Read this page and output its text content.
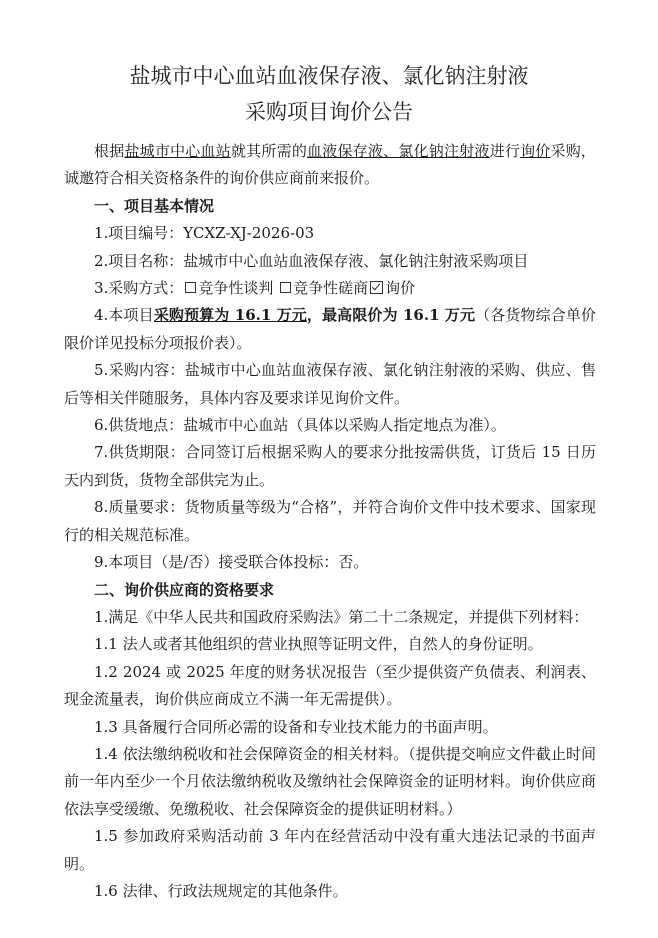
盐城市中心血站血液保存液、氯化钠注射液
采购项目询价公告

根据盐城市中心血站就其所需的血液保存液、氯化钠注射液进行询价采购，诚邀符合相关资格条件的询价供应商前来报价。

一、项目基本情况

1.项目编号：YCXZ-XJ-2026-03

2.项目名称：盐城市中心血站血液保存液、氯化钠注射液采购项目

3.采购方式： 竞争性谈判 竞争性磋商 询价

4.本项目采购预算为 16.1 万元，最高限价为 16.1 万元（各货物综合单价限价详见投标分项报价表）。

5.采购内容：盐城市中心血站血液保存液、氯化钠注射液的采购、供应、售后等相关伴随服务，具体内容及要求详见询价文件。

6.供货地点：盐城市中心血站（具体以采购人指定地点为准）。

7.供货期限：合同签订后根据采购人的要求分批按需供货，订货后 15 日历天内到货，货物全部供完为止。

8.质量要求：货物质量等级为“合格”，并符合询价文件中技术要求、国家现行的相关规范标准。

9.本项目（是/否）接受联合体投标：否。

二、询价供应商的资格要求

1.满足《中华人民共和国政府采购法》第二十二条规定，并提供下列材料：

1.1 法人或者其他组织的营业执照等证明文件，自然人的身份证明。

1.2 2024 或 2025 年度的财务状况报告（至少提供资产负债表、利润表、现金流量表，询价供应商成立不满一年无需提供）。

1.3 具备履行合同所必需的设备和专业技术能力的书面声明。

1.4 依法缴纳税收和社会保障资金的相关材料。（提供提交响应文件截止时间前一年内至少一个月依法缴纳税收及缴纳社会保障资金的证明材料。询价供应商依法享受缓缴、免缴税收、社会保障资金的提供证明材料。）

1.5 参加政府采购活动前 3 年内在经营活动中没有重大违法记录的书面声明。

1.6 法律、行政法规规定的其他条件。
